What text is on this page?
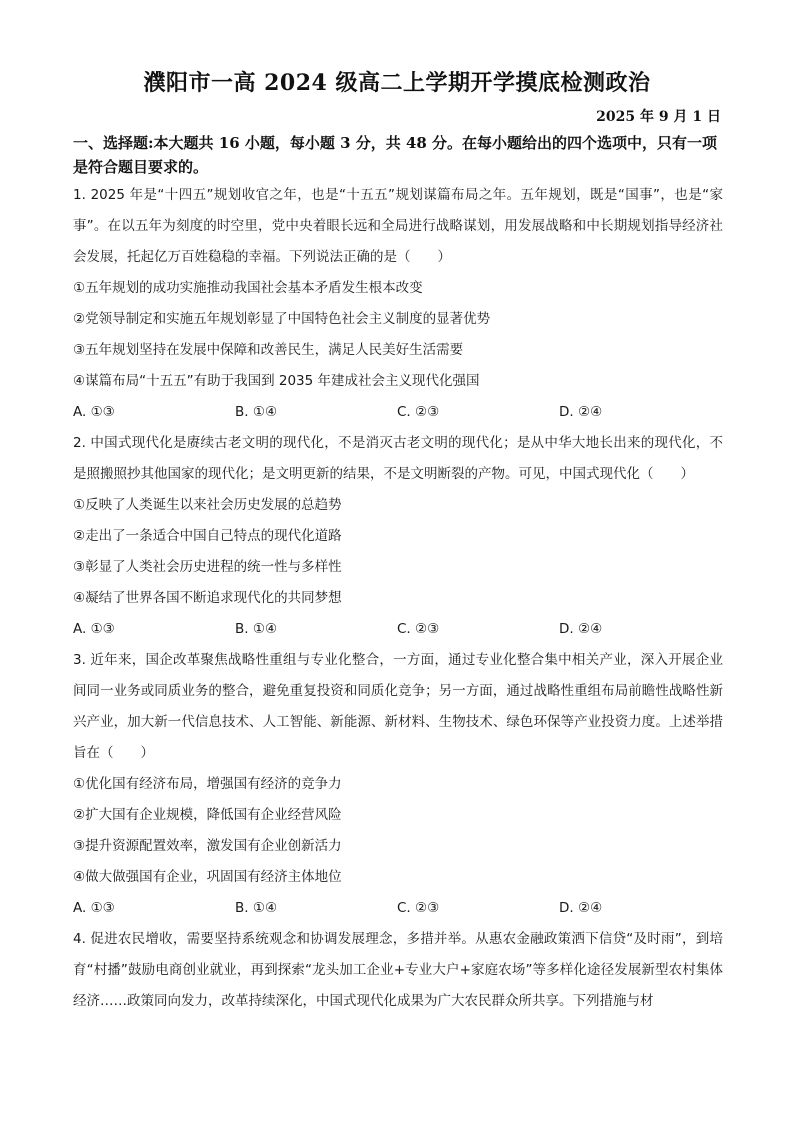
濮阳市一高 2024 级高二上学期开学摸底检测政治
2025 年 9 月 1 日
一、选择题:本大题共 16 小题，每小题 3 分，共 48 分。在每小题给出的四个选项中，只有一项是符合题目要求的。
1. 2025 年是“十四五”规划收官之年，也是“十五五”规划谋篇布局之年。五年规划，既是“国事”，也是“家事”。在以五年为刻度的时空里，党中央着眼长远和全局进行战略谋划，用发展战略和中长期规划指导经济社会发展，托起亿万百姓稳稳的幸福。下列说法正确的是（　　）
①五年规划的成功实施推动我国社会基本矛盾发生根本改变
②党领导制定和实施五年规划彰显了中国特色社会主义制度的显著优势
③五年规划坚持在发展中保障和改善民生，满足人民美好生活需要
④谋篇布局“十五五”有助于我国到 2035 年建成社会主义现代化强国
A. ①③	B. ①④	C. ②③	D. ②④
2. 中国式现代化是赓续古老文明的现代化，不是消灭古老文明的现代化；是从中华大地长出来的现代化，不是照搬照抄其他国家的现代化；是文明更新的结果，不是文明断裂的产物。可见，中国式现代化（　　）
①反映了人类诞生以来社会历史发展的总趋势
②走出了一条适合中国自己特点的现代化道路
③彰显了人类社会历史进程的统一性与多样性
④凝结了世界各国不断追求现代化的共同梦想
A. ①③	B. ①④	C. ②③	D. ②④
3. 近年来，国企改革聚焦战略性重组与专业化整合，一方面，通过专业化整合集中相关产业，深入开展企业间同一业务或同质业务的整合，避免重复投资和同质化竞争；另一方面，通过战略性重组布局前瞻性战略性新兴产业，加大新一代信息技术、人工智能、新能源、新材料、生物技术、绿色环保等产业投资力度。上述举措旨在（　　）
①优化国有经济布局，增强国有经济的竞争力
②扩大国有企业规模，降低国有企业经营风险
③提升资源配置效率，激发国有企业创新活力
④做大做强国有企业，巩固国有经济主体地位
A. ①③	B. ①④	C. ②③	D. ②④
4. 促进农民增收，需要坚持系统观念和协调发展理念，多措并举。从惠农金融政策洒下信贷“及时雨”，到培育“村播”鼓励电商创业就业，再到探索“龙头加工企业+专业大户+家庭农场”等多样化途径发展新型农村集体经济……政策同向发力，改革持续深化，中国式现代化成果为广大农民群众所共享。下列措施与材
